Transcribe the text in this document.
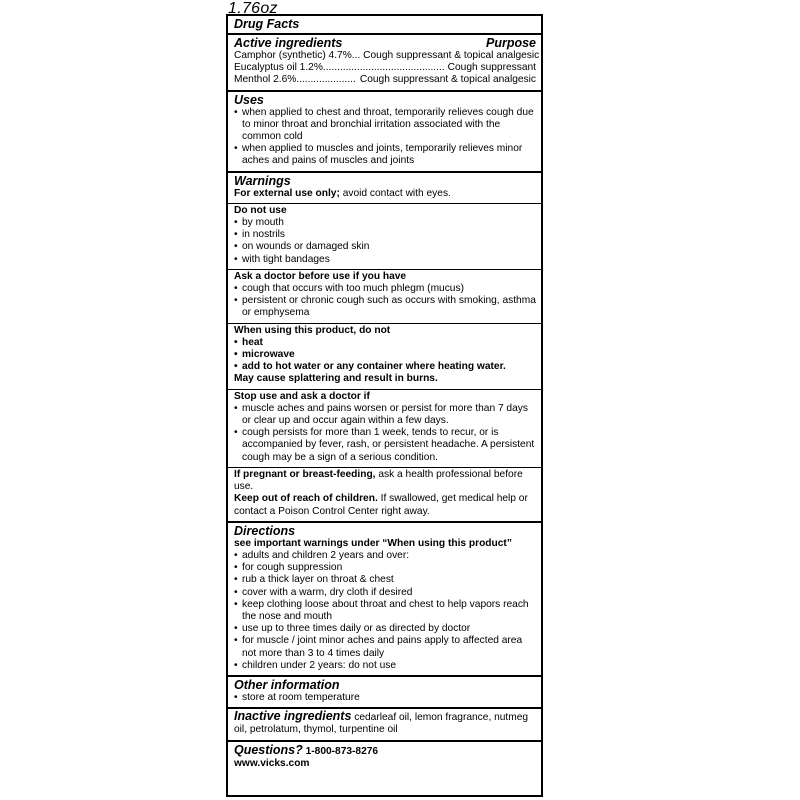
1.76oz
Drug Facts
Active ingredients	Purpose
Camphor (synthetic) 4.7% ...
Cough suppressant & topical analgesic
Eucalyptus oil 1.2% ........................................... Cough suppressant
Menthol 2.6% .....................
Cough suppressant & topical analgesic
Uses
• when applied to chest and throat, temporarily relieves cough due to minor throat and bronchial irritation associated with the common cold
• when applied to muscles and joints, temporarily relieves minor aches and pains of muscles and joints
Warnings
For external use only; avoid contact with eyes.
Do not use
• by mouth
• in nostrils
• on wounds or damaged skin
• with tight bandages
Ask a doctor before use if you have
• cough that occurs with too much phlegm (mucus)
• persistent or chronic cough such as occurs with smoking, asthma or emphysema
When using this product, do not
• heat
• microwave
• add to hot water or any container where heating water.
May cause splattering and result in burns.
Stop use and ask a doctor if
• muscle aches and pains worsen or persist for more than 7 days or clear up and occur again within a few days.
• cough persists for more than 1 week, tends to recur, or is accompanied by fever, rash, or persistent headache. A persistent cough may be a sign of a serious condition.
If pregnant or breast-feeding, ask a health professional before use.
Keep out of reach of children. If swallowed, get medical help or contact a Poison Control Center right away.
Directions
see important warnings under “When using this product”
• adults and children 2 years and over:
• for cough suppression
• rub a thick layer on throat & chest
• cover with a warm, dry cloth if desired
• keep clothing loose about throat and chest to help vapors reach the nose and mouth
• use up to three times daily or as directed by doctor
• for muscle / joint minor aches and pains apply to affected area not more than 3 to 4 times daily
• children under 2 years: do not use
Other information
• store at room temperature
Inactive ingredients cedarleaf oil, lemon fragrance, nutmeg oil, petrolatum, thymol, turpentine oil
Questions? 1-800-873-8276
www.vicks.com
